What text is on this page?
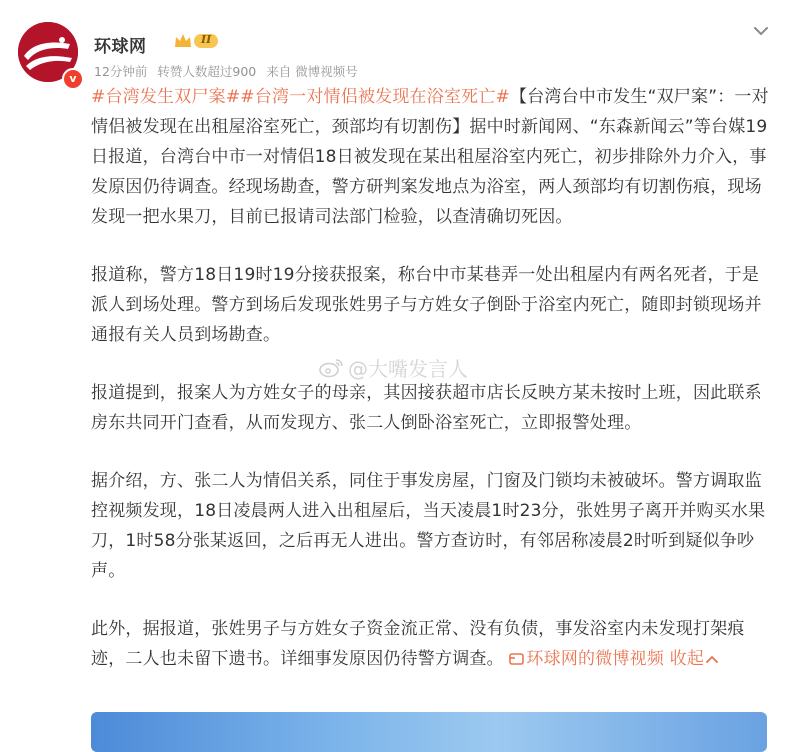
v
环球网	II
12分钟前 转赞人数超过900 来自 微博视频号

#台湾发生双尸案##台湾一对情侣被发现在浴室死亡#【台湾台中市发生“双尸案”：一对情侣被发现在出租屋浴室死亡，颈部均有切割伤】据中时新闻网、“东森新闻云”等台媒19日报道，台湾台中市一对情侣18日被发现在某出租屋浴室内死亡，初步排除外力介入，事发原因仍待调查。经现场勘查，警方研判案发地点为浴室，两人颈部均有切割伤痕，现场发现一把水果刀，目前已报请司法部门检验，以查清确切死因。

报道称，警方18日19时19分接获报案，称台中市某巷弄一处出租屋内有两名死者，于是派人到场处理。警方到场后发现张姓男子与方姓女子倒卧于浴室内死亡，随即封锁现场并通报有关人员到场勘查。

报道提到，报案人为方姓女子的母亲，其因接获超市店长反映方某未按时上班，因此联系房东共同开门查看，从而发现方、张二人倒卧浴室死亡，立即报警处理。

据介绍，方、张二人为情侣关系，同住于事发房屋，门窗及门锁均未被破坏。警方调取监控视频发现，18日凌晨两人进入出租屋后，当天凌晨1时23分，张姓男子离开并购买水果刀，1时58分张某返回，之后再无人进出。警方查访时，有邻居称凌晨2时听到疑似争吵声。

此外，据报道，张姓男子与方姓女子资金流正常、没有负债，事发浴室内未发现打架痕迹，二人也未留下遗书。详细事发原因仍待警方调查。 环球网的微博视频 收起

@大嘴发言人
